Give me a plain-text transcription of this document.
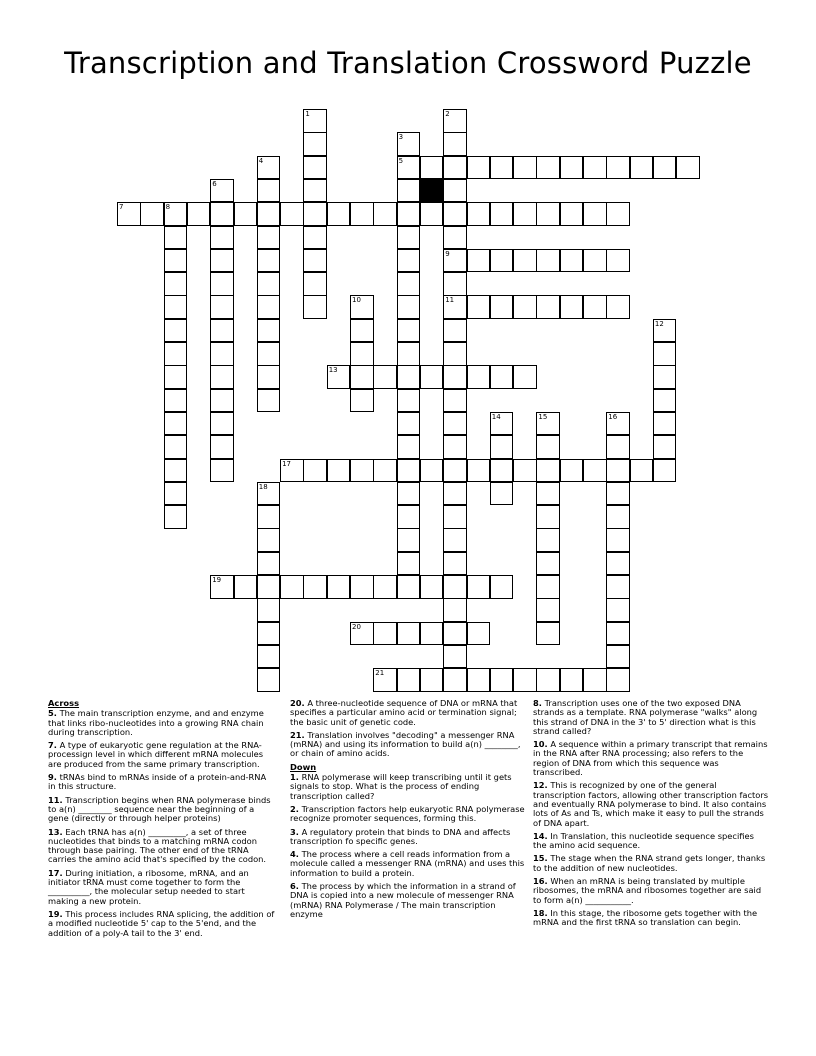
Transcription and Translation Crossword Puzzle
1	2
9
11
3
5
4
6
7	8
10
12
13
14	15	16
17
18
19
20
21
Across
5. The main transcription enzyme, and and enzyme that links ribo-nucleotides into a growing RNA chain during transcription.
7. A type of eukaryotic gene regulation at the RNA-processign level in which different mRNA molecules are produced from the same primary transcription.
9. tRNAs bind to mRNAs inside of a protein-and-RNA in this structure.
11. Transcription begins when RNA polymerase binds to a(n) ________ sequence near the beginning of a gene (directly or through helper proteins)
13. Each tRNA has a(n) _________, a set of three nucleotides that binds to a matching mRNA codon through base pairing. The other end of the tRNA carries the amino acid that's specified by the codon.
17. During initiation, a ribosome, mRNA, and an initiator tRNA must come together to form the __________, the molecular setup needed to start making a new protein.
19. This process includes RNA splicing, the addition of a modified nucleotide 5' cap to the 5'end, and the addition of a poly-A tail to the 3' end.
20. A three-nucleotide sequence of DNA or mRNA that specifies a particular amino acid or termination signal; the basic unit of genetic code.
21. Translation involves "decoding" a messenger RNA (mRNA) and using its information to build a(n) ________, or chain of amino acids.
Down
1. RNA polymerase will keep transcribing until it gets signals to stop. What is the process of ending transcription called?
2. Transcription factors help eukaryotic RNA polymerase recognize promoter sequences, forming this.
3. A regulatory protein that binds to DNA and affects transcription fo specific genes.
4. The process where a cell reads information from a molecule called a messenger RNA (mRNA) and uses this information to build a protein.
6. The process by which the information in a strand of DNA is copied into a new molecule of messenger RNA (mRNA) RNA Polymerase / The main transcription enzyme
8. Transcription uses one of the two exposed DNA strands as a template. RNA polymerase "walks" along this strand of DNA in the 3' to 5' direction what is this strand called?
10. A sequence within a primary transcript that remains in the RNA after RNA processing; also refers to the region of DNA from which this sequence was transcribed.
12. This is recognized by one of the general transcription factors, allowing other transcription factors and eventually RNA polymerase to bind. It also contains lots of As and Ts, which make it easy to pull the strands of DNA apart.
14. In Translation, this nucleotide sequence specifies the amino acid sequence.
15. The stage when the RNA strand gets longer, thanks to the addition of new nucleotides.
16. When an mRNA is being translated by multiple ribosomes, the mRNA and ribosomes together are said to form a(n) ___________.
18. In this stage, the ribosome gets together with the mRNA and the first tRNA so translation can begin.
